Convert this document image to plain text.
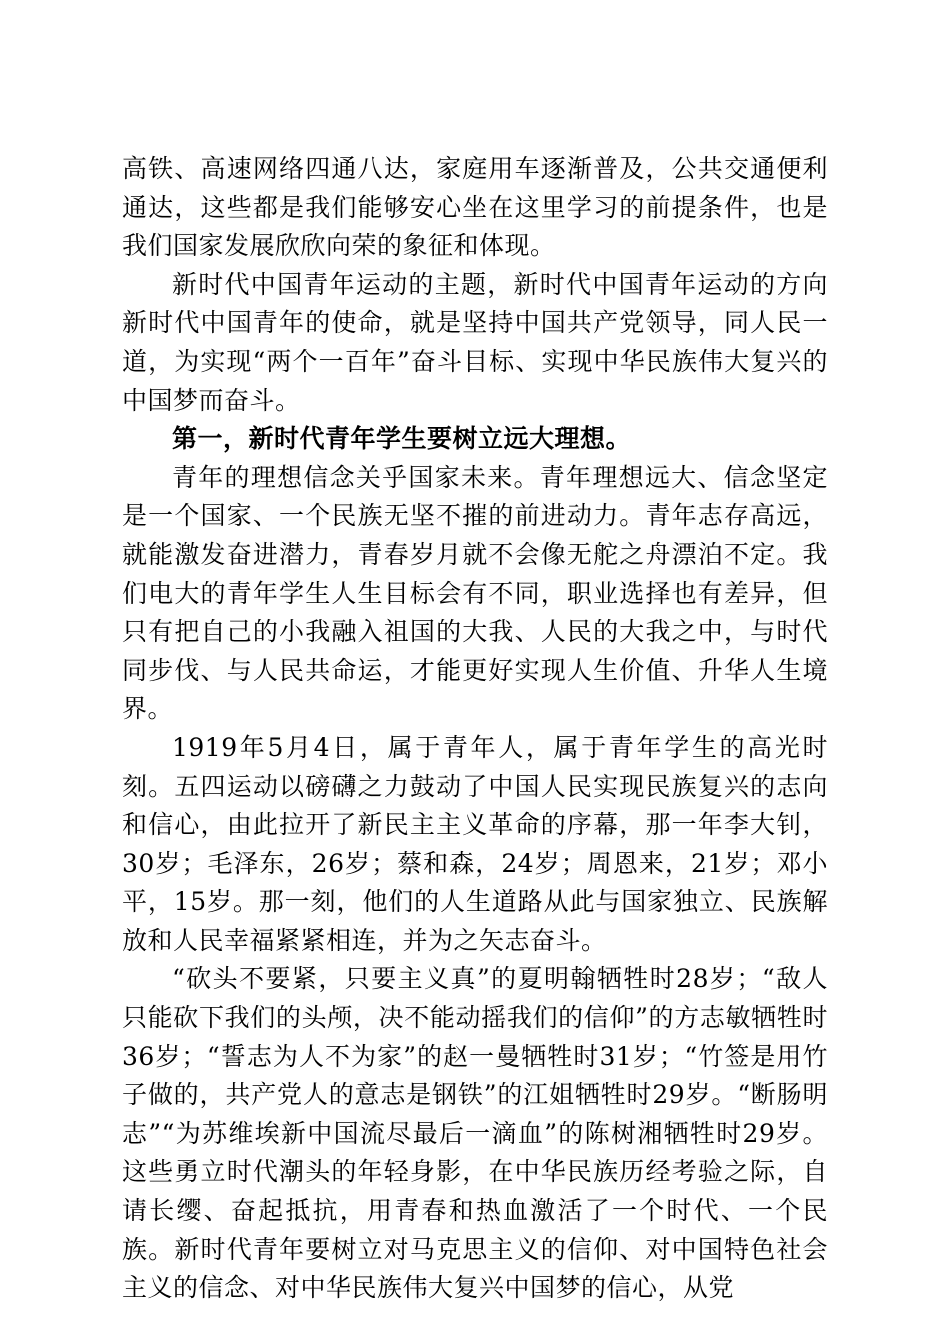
高铁、高速网络四通八达，家庭用车逐渐普及，公共交通便利通达，这些都是我们能够安心坐在这里学习的前提条件，也是我们国家发展欣欣向荣的象征和体现。

新时代中国青年运动的主题，新时代中国青年运动的方向新时代中国青年的使命，就是坚持中国共产党领导，同人民一道，为实现“两个一百年”奋斗目标、实现中华民族伟大复兴的中国梦而奋斗。

第一，新时代青年学生要树立远大理想。

青年的理想信念关乎国家未来。青年理想远大、信念坚定是一个国家、一个民族无坚不摧的前进动力。青年志存高远，就能激发奋进潜力，青春岁月就不会像无舵之舟漂泊不定。我们电大的青年学生人生目标会有不同，职业选择也有差异，但只有把自己的小我融入祖国的大我、人民的大我之中，与时代同步伐、与人民共命运，才能更好实现人生价值、升华人生境界。

1919年5月4日，属于青年人，属于青年学生的高光时刻。五四运动以磅礴之力鼓动了中国人民实现民族复兴的志向和信心，由此拉开了新民主主义革命的序幕，那一年李大钊，30岁；毛泽东，26岁；蔡和森，24岁；周恩来，21岁；邓小平，15岁。那一刻，他们的人生道路从此与国家独立、民族解放和人民幸福紧紧相连，并为之矢志奋斗。

“砍头不要紧，只要主义真”的夏明翰牺牲时28岁；“敌人只能砍下我们的头颅，决不能动摇我们的信仰”的方志敏牺牲时36岁；“誓志为人不为家”的赵一曼牺牲时31岁；“竹签是用竹子做的，共产党人的意志是钢铁”的江姐牺牲时29岁。“断肠明志”“为苏维埃新中国流尽最后一滴血”的陈树湘牺牲时29岁。这些勇立时代潮头的年轻身影，在中华民族历经考验之际，自请长缨、奋起抵抗，用青春和热血激活了一个时代、一个民族。新时代青年要树立对马克思主义的信仰、对中国特色社会主义的信念、对中华民族伟大复兴中国梦的信心，从党
